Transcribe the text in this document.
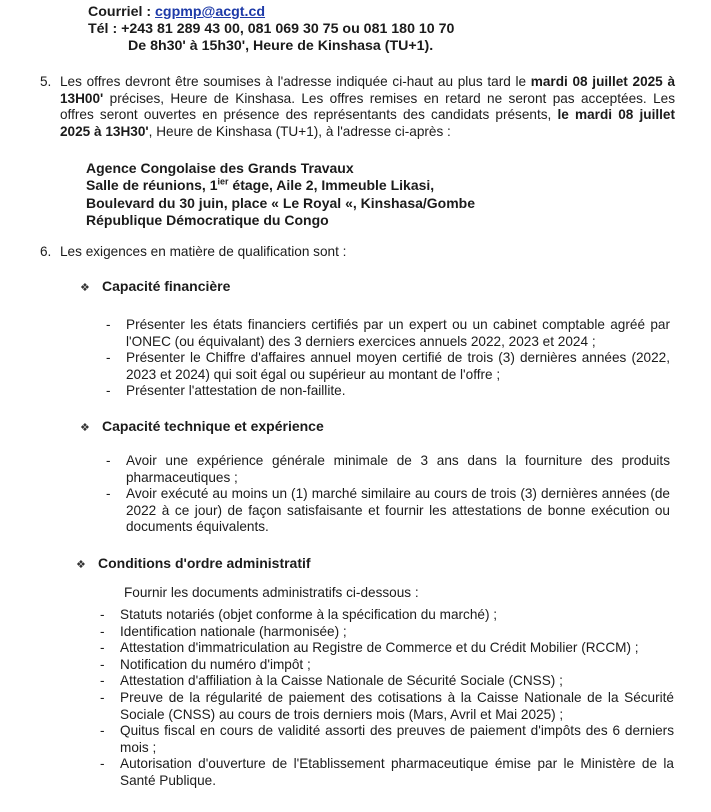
Courriel : cgpmp@acgt.cd
Tél : +243 81 289 43 00, 081 069 30 75 ou 081 180 10 70
De 8h30' à 15h30', Heure de Kinshasa (TU+1).
5. Les offres devront être soumises à l'adresse indiquée ci-haut au plus tard le mardi 08 juillet 2025 à 13H00' précises, Heure de Kinshasa. Les offres remises en retard ne seront pas acceptées. Les offres seront ouvertes en présence des représentants des candidats présents, le mardi 08 juillet 2025 à 13H30', Heure de Kinshasa (TU+1), à l'adresse ci-après :
Agence Congolaise des Grands Travaux
Salle de réunions, $1^{ier}$ étage, Aile 2, Immeuble Likasi,
Boulevard du 30 juin, place « Le Royal «, Kinshasa/Gombe
République Démocratique du Congo
6. Les exigences en matière de qualification sont :
❖ Capacité financière
- Présenter les états financiers certifiés par un expert ou un cabinet comptable agréé par l'ONEC (ou équivalant) des 3 derniers exercices annuels 2022, 2023 et 2024 ;
- Présenter le Chiffre d'affaires annuel moyen certifié de trois (3) dernières années (2022, 2023 et 2024) qui soit égal ou supérieur au montant de l'offre ;
- Présenter l'attestation de non-faillite.
❖ Capacité technique et expérience
- Avoir une expérience générale minimale de 3 ans dans la fourniture des produits pharmaceutiques ;
- Avoir exécuté au moins un (1) marché similaire au cours de trois (3) dernières années (de 2022 à ce jour) de façon satisfaisante et fournir les attestations de bonne exécution ou documents équivalents.
❖ Conditions d'ordre administratif
Fournir les documents administratifs ci-dessous :
- Statuts notariés (objet conforme à la spécification du marché) ;
- Identification nationale (harmonisée) ;
- Attestation d'immatriculation au Registre de Commerce et du Crédit Mobilier (RCCM) ;
- Notification du numéro d'impôt ;
- Attestation d'affiliation à la Caisse Nationale de Sécurité Sociale (CNSS) ;
- Preuve de la régularité de paiement des cotisations à la Caisse Nationale de la Sécurité Sociale (CNSS) au cours de trois derniers mois (Mars, Avril et Mai 2025) ;
- Quitus fiscal en cours de validité assorti des preuves de paiement d'impôts des 6 derniers mois ;
- Autorisation d'ouverture de l'Etablissement pharmaceutique émise par le Ministère de la Santé Publique.
